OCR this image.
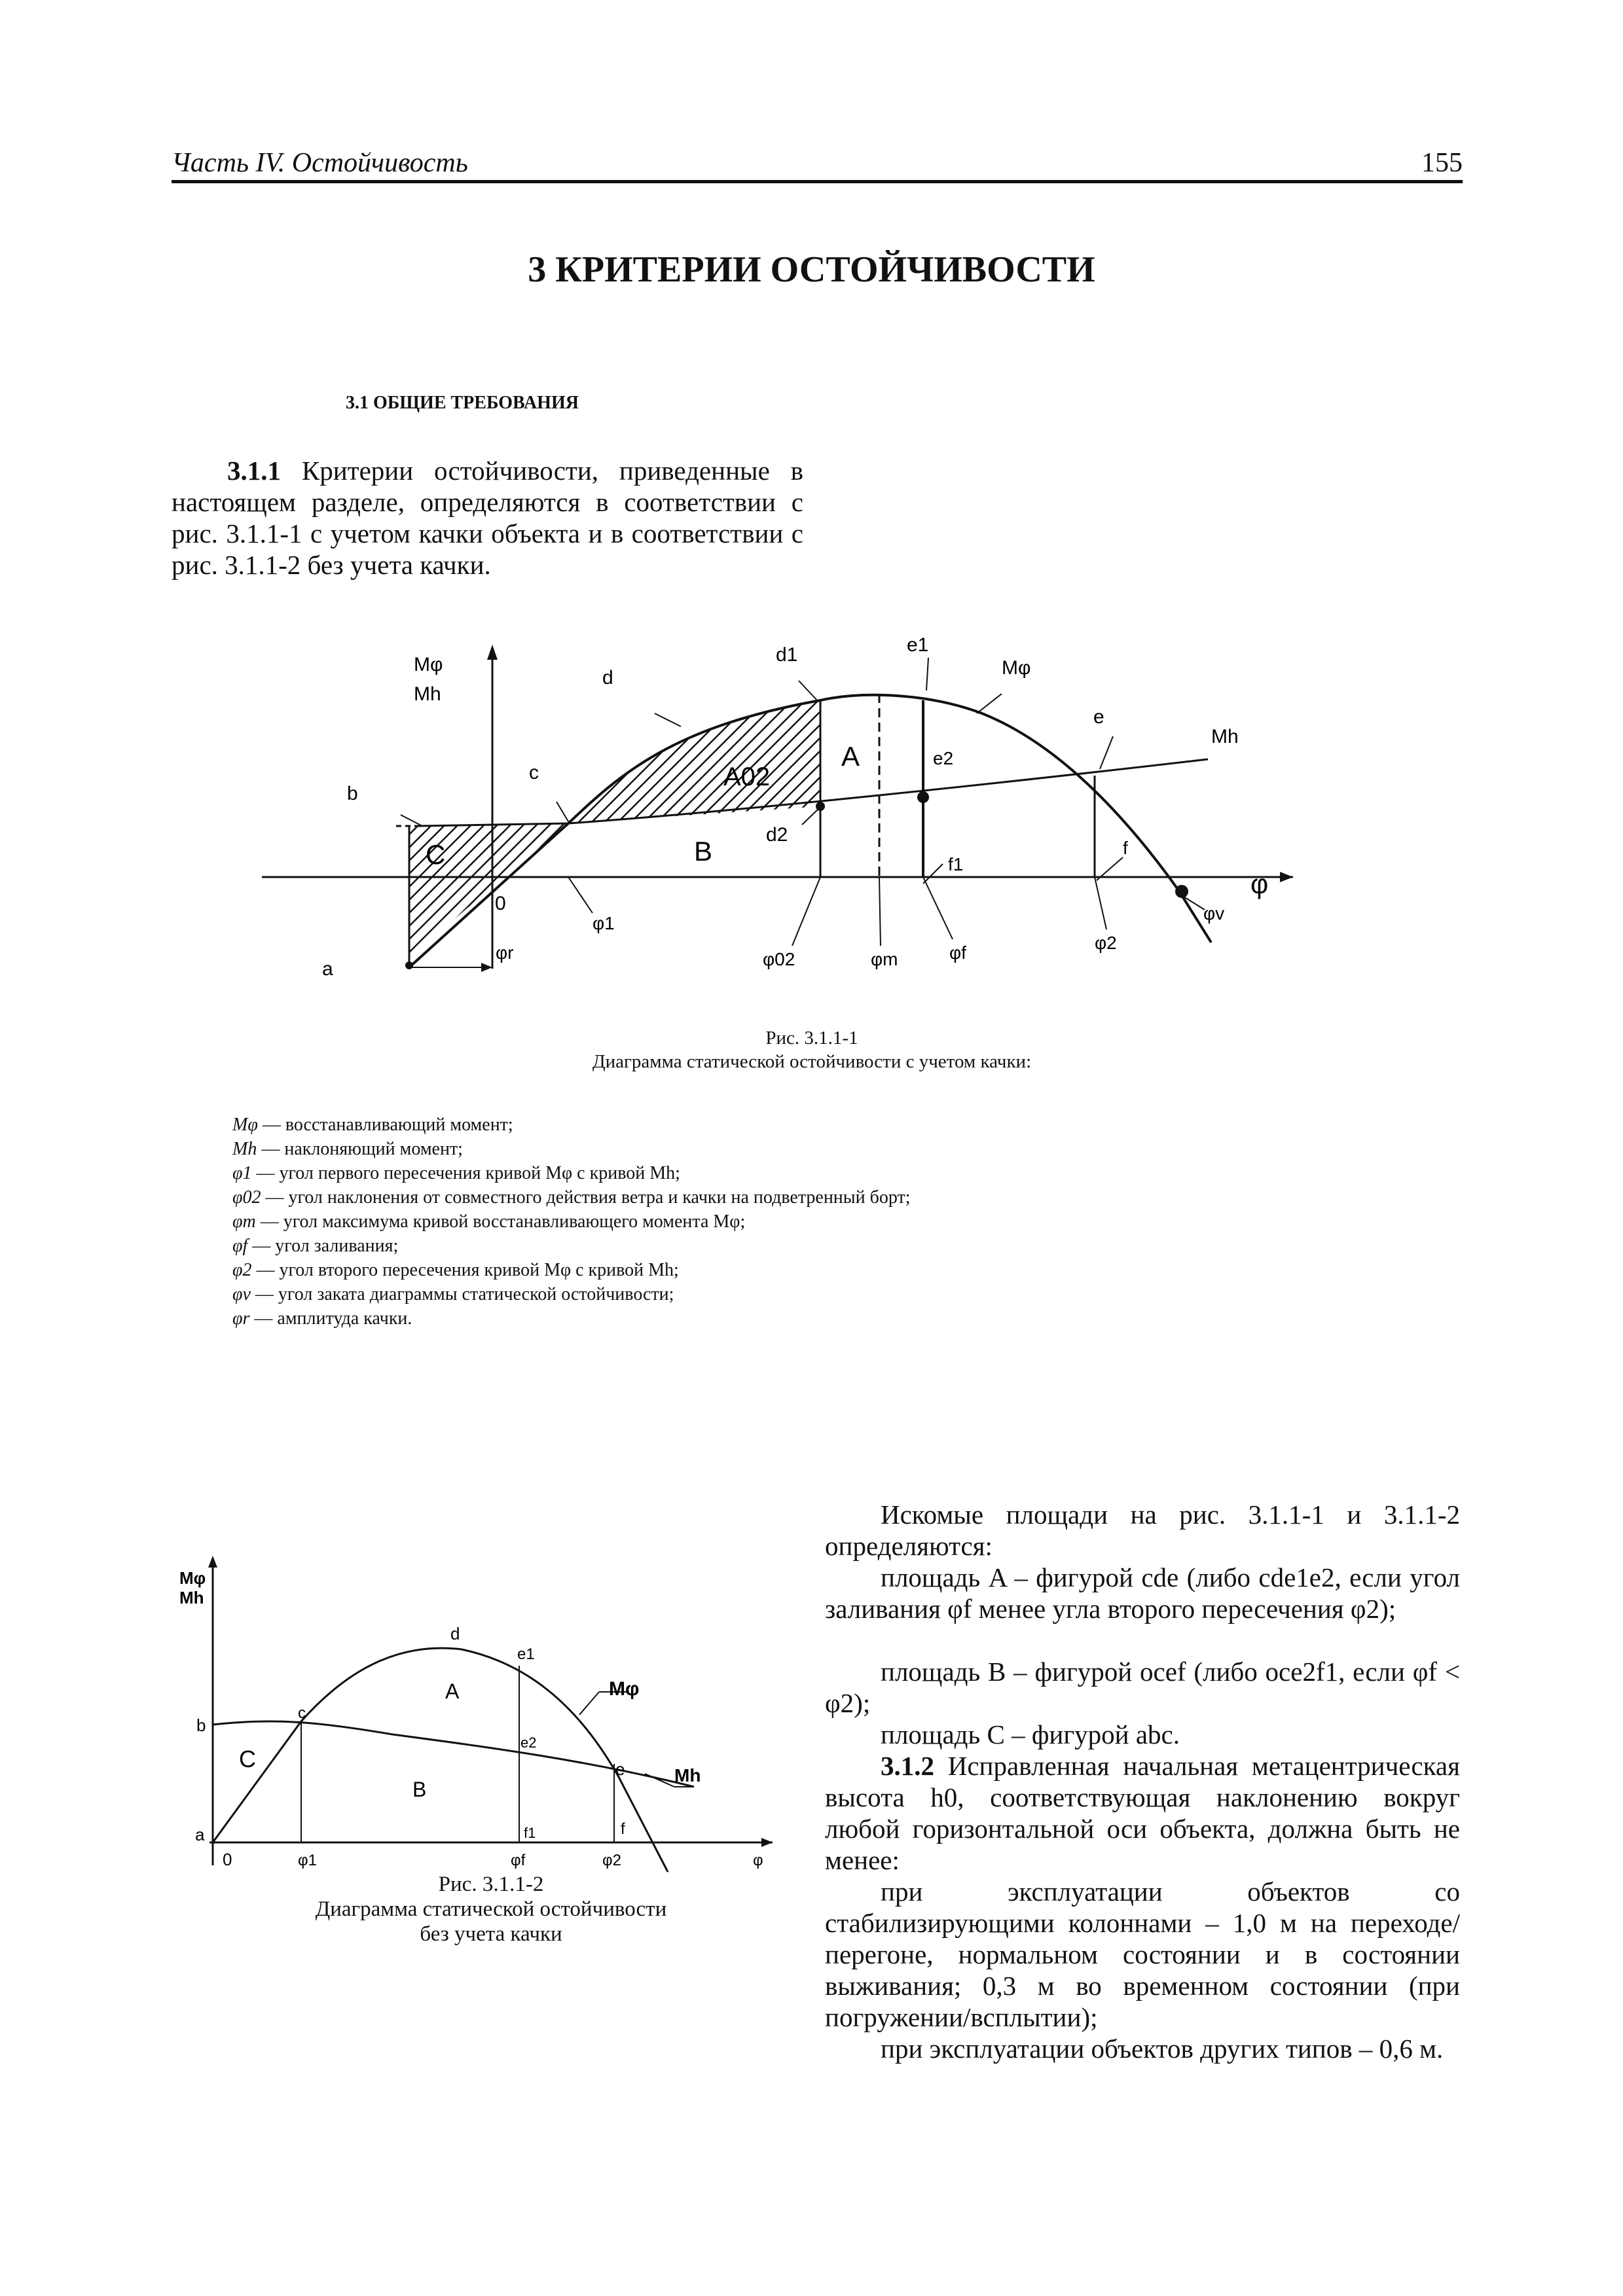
Часть IV. Остойчивость	155
3 КРИТЕРИИ ОСТОЙЧИВОСТИ
3.1 ОБЩИЕ ТРЕБОВАНИЯ
3.1.1 Критерии остойчивости, приведенные в настоящем разделе, определяются в соответствии с рис. 3.1.1-1 с учетом качки объекта и в соответствии с рис. 3.1.1-2 без учета качки.
Mφ
Mh
b
c
d
d1
d2
e1
e2
e
Mφ
Mh
f
f1
a
0
A
A02
B
C
φ
φ1
φ02	φm	φf	φ2
φv
φr
Рис. 3.1.1-1
Диаграмма статической остойчивости с учетом качки:
Mφ — восстанавливающий момент;
Mh — наклоняющий момент;
φ1 — угол первого пересечения кривой Mφ с кривой Mh;
φ02 — угол наклонения от совместного действия ветра и качки на подветренный борт;
φm — угол максимума кривой восстанавливающего момента Mφ;
φf — угол заливания;
φ2 — угол второго пересечения кривой Mφ с кривой Mh;
φv — угол заката диаграммы статической остойчивости;
φr — амплитуда качки.
Mφ
Mh
b
a
c
d
e1
e2
e
f
f1
0
A
B
C
Mφ
Mh
φ1	φf	φ2	φ
Рис. 3.1.1-2
Диаграмма статической остойчивости
без учета качки
Искомые площади на рис. 3.1.1-1 и 3.1.1-2 определяются:
площадь A – фигурой cde (либо cde1e2, если угол заливания φf менее угла второго пересечения φ2);
площадь B – фигурой ocef (либо oce2f1, если φf < φ2);
площадь C – фигурой abc.
3.1.2 Исправленная начальная метацентрическая высота h0, соответствующая наклонению вокруг любой горизонтальной оси объекта, должна быть не менее:
при эксплуатации объектов со стабилизирующими колоннами – 1,0 м на переходе/перегоне, нормальном состоянии и в состоянии выживания; 0,3 м во временном состоянии (при погружении/всплытии);
при эксплуатации объектов других типов – 0,6 м.
